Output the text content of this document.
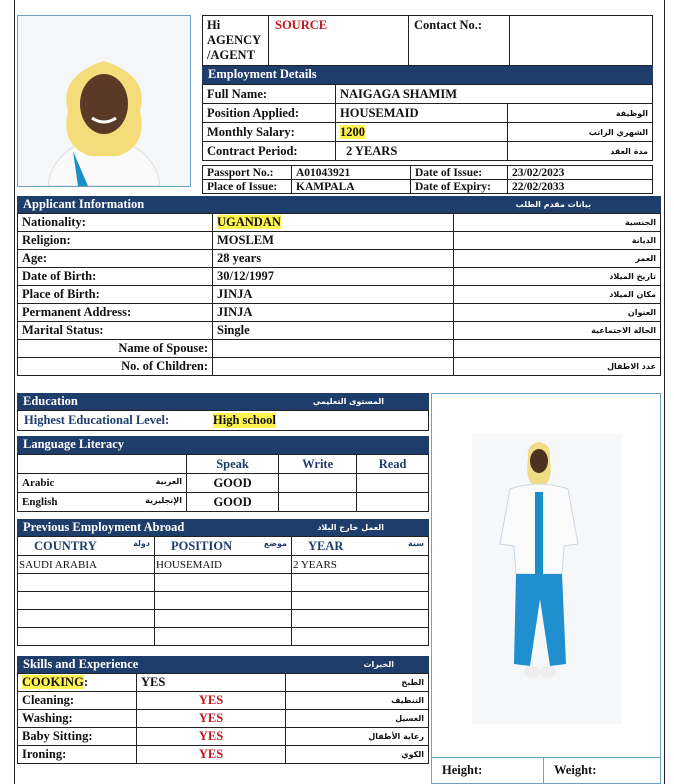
Hi
AGENCY
/AGENT
SOURCE	Contact No.:
Employment Details
Full Name:	NAIGAGA SHAMIM	
Position Applied:	HOUSEMAID	الوظيفة
Monthly Salary:	1200	الشهري الراتب
Contract Period:	2 YEARS	مدة العقد
Passport No.:	A01043921	Date of Issue:	23/02/2023
Place of Issue:	KAMPALA	Date of Expiry:	22/02/2033
Applicant Information	بيانات مقدم الطلب
Nationality:	UGANDAN	الجنسية
Religion:	MOSLEM	الديانة
Age:	28 years	العمر
Date of Birth:	30/12/1997	تاريخ الميلاد
Place of Birth:	JINJA	مكان الميلاد
Permanent Address:	JINJA	العنوان
Marital Status:	Single	الحالة الاجتماعية
Name of Spouse:		
No. of Children:		عدد الاطفال
Education	المستوى التعليمي
Highest Educational Level:	High school
Language Literacy
	Speak	Write	Read
Arabic العربية	GOOD		
English الإنجليزية	GOOD		
Previous Employment Abroad	العمل خارج البلاد
COUNTRY دولة	POSITION موضع	YEAR سنة

SAUDI ARABIA	HOUSEMAID	2 YEARS

Skills and Experience	الخبرات
COOKING:	YES	الطبخ
Cleaning:	YES	التنظيف
Washing:	YES	الغسيل
Baby Sitting:	YES	رعاية الأطفال
Ironing:	YES	الكوي
Height:	Weight:
